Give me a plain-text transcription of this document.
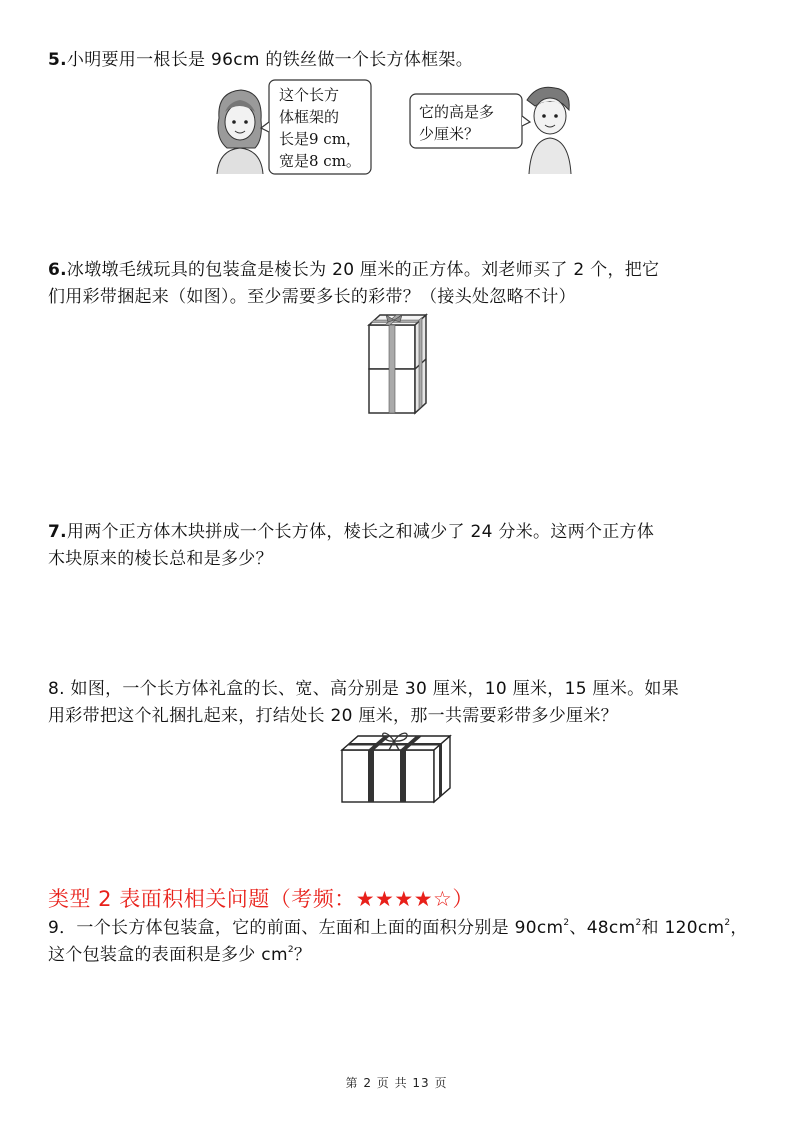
5.小明要用一根长是 96cm 的铁丝做一个长方体框架。
这个长方
体框架的
长是9 cm，
宽是8 cm。
它的高是多
少厘米？
6.冰墩墩毛绒玩具的包装盒是棱长为 20 厘米的正方体。刘老师买了 2 个，把它
们用彩带捆起来（如图）。至少需要多长的彩带？（接头处忽略不计）
7.用两个正方体木块拼成一个长方体，棱长之和减少了 24 分米。这两个正方体
木块原来的棱长总和是多少？
8. 如图，一个长方体礼盒的长、宽、高分别是 30 厘米，10 厘米，15 厘米。如果
用彩带把这个礼捆扎起来，打结处长 20 厘米，那一共需要彩带多少厘米？
类型 2 表面积相关问题（考频：★★★★☆）
9．一个长方体包装盒，它的前面、左面和上面的面积分别是 $90cm^2$、$48cm^2$和 $120cm^2$，
这个包装盒的表面积是多少 $cm^2$？
第 2 页 共 13 页
